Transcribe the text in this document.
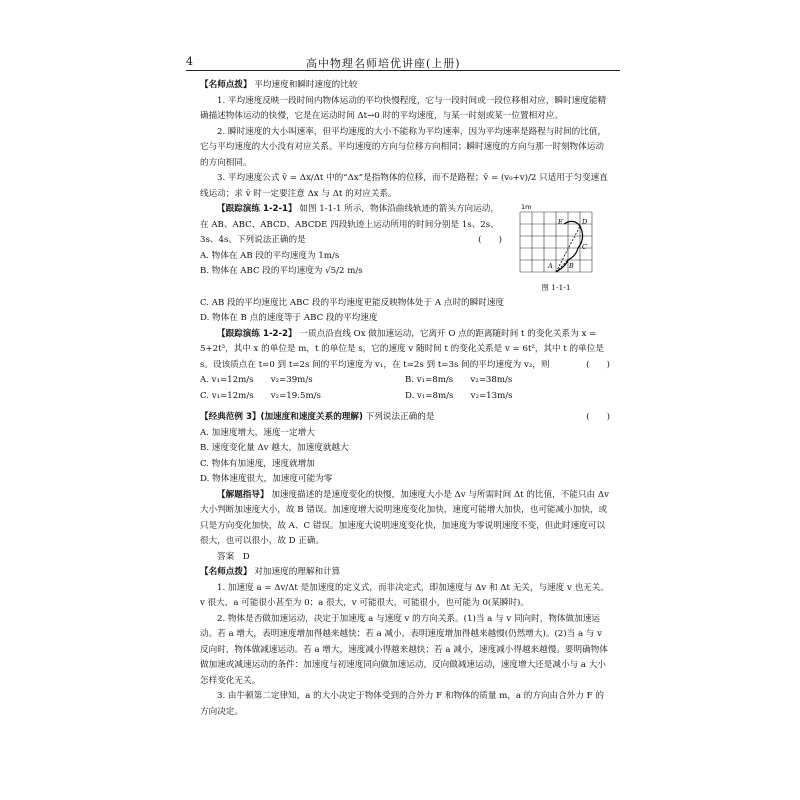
4	高中物理名师培优讲座(上册)

【名师点拨】 平均速度和瞬时速度的比较

1. 平均速度反映一段时间内物体运动的平均快慢程度，它与一段时间或一段位移相对应，瞬时速度能精确描述物体运动的快慢，它是在运动时间 Δt→0 时的平均速度，与某一时刻或某一位置相对应。

2. 瞬时速度的大小叫速率，但平均速度的大小不能称为平均速率，因为平均速率是路程与时间的比值，它与平均速度的大小没有对应关系。平均速度的方向与位移方向相同；瞬时速度的方向与那一时刻物体运动的方向相同。

3. 平均速度公式 v̄ = Δx/Δt 中的“Δx”是指物体的位移，而不是路程；v̄ = (v₀+v)/2 只适用于匀变速直线运动；求 v̄ 时一定要注意 Δx 与 Δt 的对应关系。

【跟踪演练 1-2-1】 如图 1-1-1 所示，物体沿曲线轨迹的箭头方向运动，在 AB、ABC、ABCD、ABCDE 四段轨迹上运动所用的时间分别是 1s、2s、3s、4s。下列说法正确的是	(　　)

A. 物体在 AB 段的平均速度为 1m/s

B. 物体在 ABC 段的平均速度为 √5/2 m/s

1m
E	D
C
A	B
图 1-1-1

C. AB 段的平均速度比 ABC 段的平均速度更能反映物体处于 A 点时的瞬时速度

D. 物体在 B 点的速度等于 ABC 段的平均速度

【跟踪演练 1-2-2】 一质点沿直线 Ox 做加速运动，它离开 O 点的距离随时间 t 的变化关系为 x = 5+2t³，其中 x 的单位是 m，t 的单位是 s，它的速度 v 随时间 t 的变化关系是 v = 6t²，其中 t 的单位是 s。设该质点在 t=0 到 t=2s 间的平均速度为 v₁，在 t=2s 到 t=3s 间的平均速度为 v₂，则	(　　)

A. v₁=12m/s　　v₂=39m/s	B. v₁=8m/s　　v₂=38m/s
C. v₁=12m/s　　v₂=19.5m/s	D. v₁=8m/s　　v₂=13m/s

【经典范例 3】(加速度和速度关系的理解) 下列说法正确的是	(　　)

A. 加速度增大，速度一定增大

B. 速度变化量 Δv 越大，加速度就越大

C. 物体有加速度，速度就增加

D. 物体速度很大，加速度可能为零

【解题指导】 加速度描述的是速度变化的快慢，加速度大小是 Δv 与所需时间 Δt 的比值，不能只由 Δv 大小判断加速度大小，故 B 错误。加速度增大说明速度变化加快，速度可能增大加快，也可能减小加快，或只是方向变化加快，故 A、C 错误。加速度大说明速度变化快，加速度为零说明速度不变，但此时速度可以很大，也可以很小，故 D 正确。

答案　D

【名师点拨】 对加速度的理解和计算

1. 加速度 a = Δv/Δt 是加速度的定义式，而非决定式，即加速度与 Δv 和 Δt 无关，与速度 v 也无关。v 很大，a 可能很小甚至为 0；a 很大，v 可能很大，可能很小，也可能为 0(某瞬时)。

2. 物体是否做加速运动，决定于加速度 a 与速度 v 的方向关系。(1)当 a 与 v 同向时，物体做加速运动。若 a 增大，表明速度增加得越来越快；若 a 减小，表明速度增加得越来越慢(仍然增大)。(2)当 a 与 v 反向时，物体做减速运动。若 a 增大，速度减小得越来越快；若 a 减小，速度减小得越来越慢。要明确物体做加速或减速运动的条件：加速度与初速度同向做加速运动，反向做减速运动，速度增大还是减小与 a 大小怎样变化无关。

3. 由牛顿第二定律知，a 的大小决定于物体受到的合外力 F 和物体的质量 m，a 的方向由合外力 F 的方向决定。
